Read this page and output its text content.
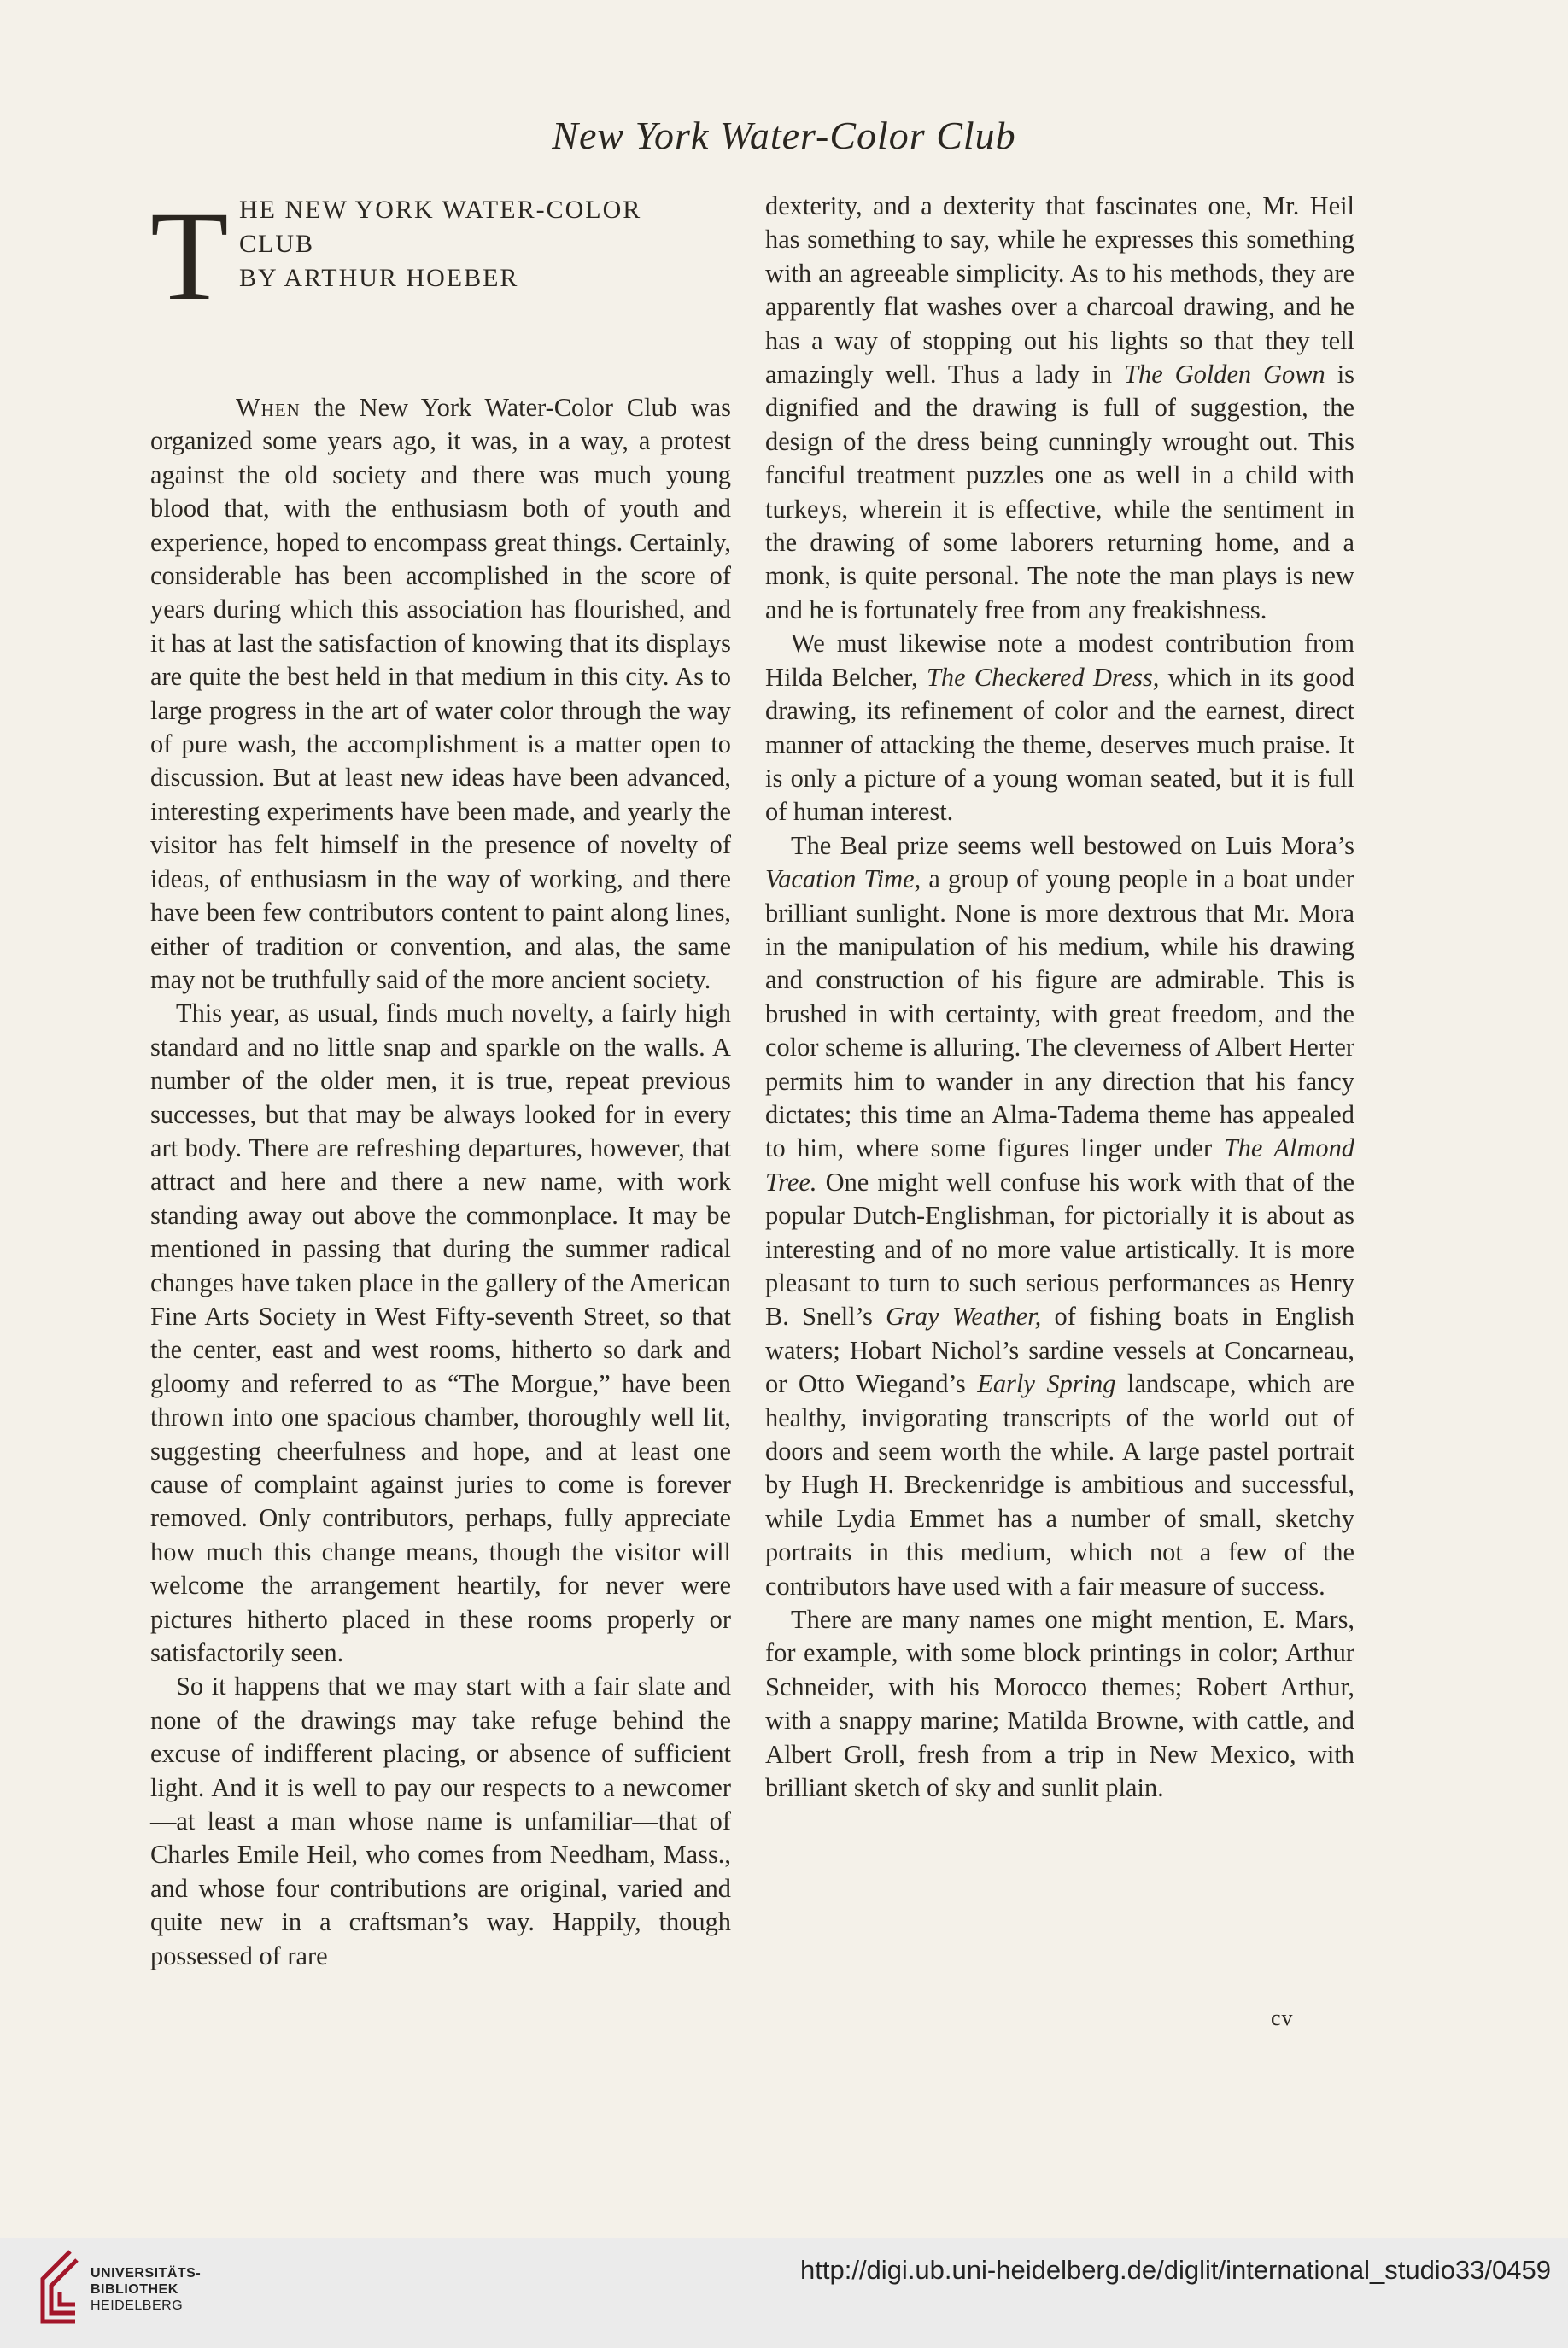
New York Water-Color Club
T HE NEW YORK WATER-COLOR
CLUB
BY ARTHUR HOEBER

When the New York Water-Color Club was organized some years ago, it was, in a way, a protest against the old society and there was much young blood that, with the enthusiasm both of youth and experience, hoped to encompass great things. Certainly, considerable has been accomplished in the score of years during which this association has flourished, and it has at last the satisfaction of knowing that its displays are quite the best held in that medium in this city. As to large progress in the art of water color through the way of pure wash, the accomplishment is a matter open to discussion. But at least new ideas have been advanced, interesting experiments have been made, and yearly the visitor has felt himself in the presence of novelty of ideas, of enthusiasm in the way of working, and there have been few contributors content to paint along lines, either of tradition or convention, and alas, the same may not be truthfully said of the more ancient society.

This year, as usual, finds much novelty, a fairly high standard and no little snap and sparkle on the walls. A number of the older men, it is true, repeat previous successes, but that may be always looked for in every art body. There are refreshing departures, however, that attract and here and there a new name, with work standing away out above the commonplace. It may be mentioned in passing that during the summer radical changes have taken place in the gallery of the American Fine Arts Society in West Fifty-seventh Street, so that the center, east and west rooms, hitherto so dark and gloomy and referred to as “The Morgue,” have been thrown into one spacious chamber, thoroughly well lit, suggesting cheerfulness and hope, and at least one cause of complaint against juries to come is forever removed. Only contributors, perhaps, fully appreciate how much this change means, though the visitor will welcome the arrangement heartily, for never were pictures hitherto placed in these rooms properly or satisfactorily seen.

So it happens that we may start with a fair slate and none of the drawings may take refuge behind the excuse of indifferent placing, or absence of sufficient light. And it is well to pay our respects to a newcomer—at least a man whose name is unfamiliar—that of Charles Emile Heil, who comes from Needham, Mass., and whose four contributions are original, varied and quite new in a craftsman’s way. Happily, though possessed of rare

dexterity, and a dexterity that fascinates one, Mr. Heil has something to say, while he expresses this something with an agreeable simplicity. As to his methods, they are apparently flat washes over a charcoal drawing, and he has a way of stopping out his lights so that they tell amazingly well. Thus a lady in The Golden Gown is dignified and the drawing is full of suggestion, the design of the dress being cunningly wrought out. This fanciful treatment puzzles one as well in a child with turkeys, wherein it is effective, while the sentiment in the drawing of some laborers returning home, and a monk, is quite personal. The note the man plays is new and he is fortunately free from any freakishness.

We must likewise note a modest contribution from Hilda Belcher, The Checkered Dress, which in its good drawing, its refinement of color and the earnest, direct manner of attacking the theme, deserves much praise. It is only a picture of a young woman seated, but it is full of human interest.

The Beal prize seems well bestowed on Luis Mora’s Vacation Time, a group of young people in a boat under brilliant sunlight. None is more dextrous that Mr. Mora in the manipulation of his medium, while his drawing and construction of his figure are admirable. This is brushed in with certainty, with great freedom, and the color scheme is alluring. The cleverness of Albert Herter permits him to wander in any direction that his fancy dictates; this time an Alma-Tadema theme has appealed to him, where some figures linger under The Almond Tree. One might well confuse his work with that of the popular Dutch-Englishman, for pictorially it is about as interesting and of no more value artistically. It is more pleasant to turn to such serious performances as Henry B. Snell’s Gray Weather, of fishing boats in English waters; Hobart Nichol’s sardine vessels at Concarneau, or Otto Wiegand’s Early Spring landscape, which are healthy, invigorating transcripts of the world out of doors and seem worth the while. A large pastel portrait by Hugh H. Breckenridge is ambitious and successful, while Lydia Emmet has a number of small, sketchy portraits in this medium, which not a few of the contributors have used with a fair measure of success.

There are many names one might mention, E. Mars, for example, with some block printings in color; Arthur Schneider, with his Morocco themes; Robert Arthur, with a snappy marine; Matilda Browne, with cattle, and Albert Groll, fresh from a trip in New Mexico, with brilliant sketch of sky and sunlit plain.

cv
UNIVERSITÄTS-
BIBLIOTHEK
HEIDELBERG
http://digi.ub.uni-heidelberg.de/diglit/international_studio33/0459
